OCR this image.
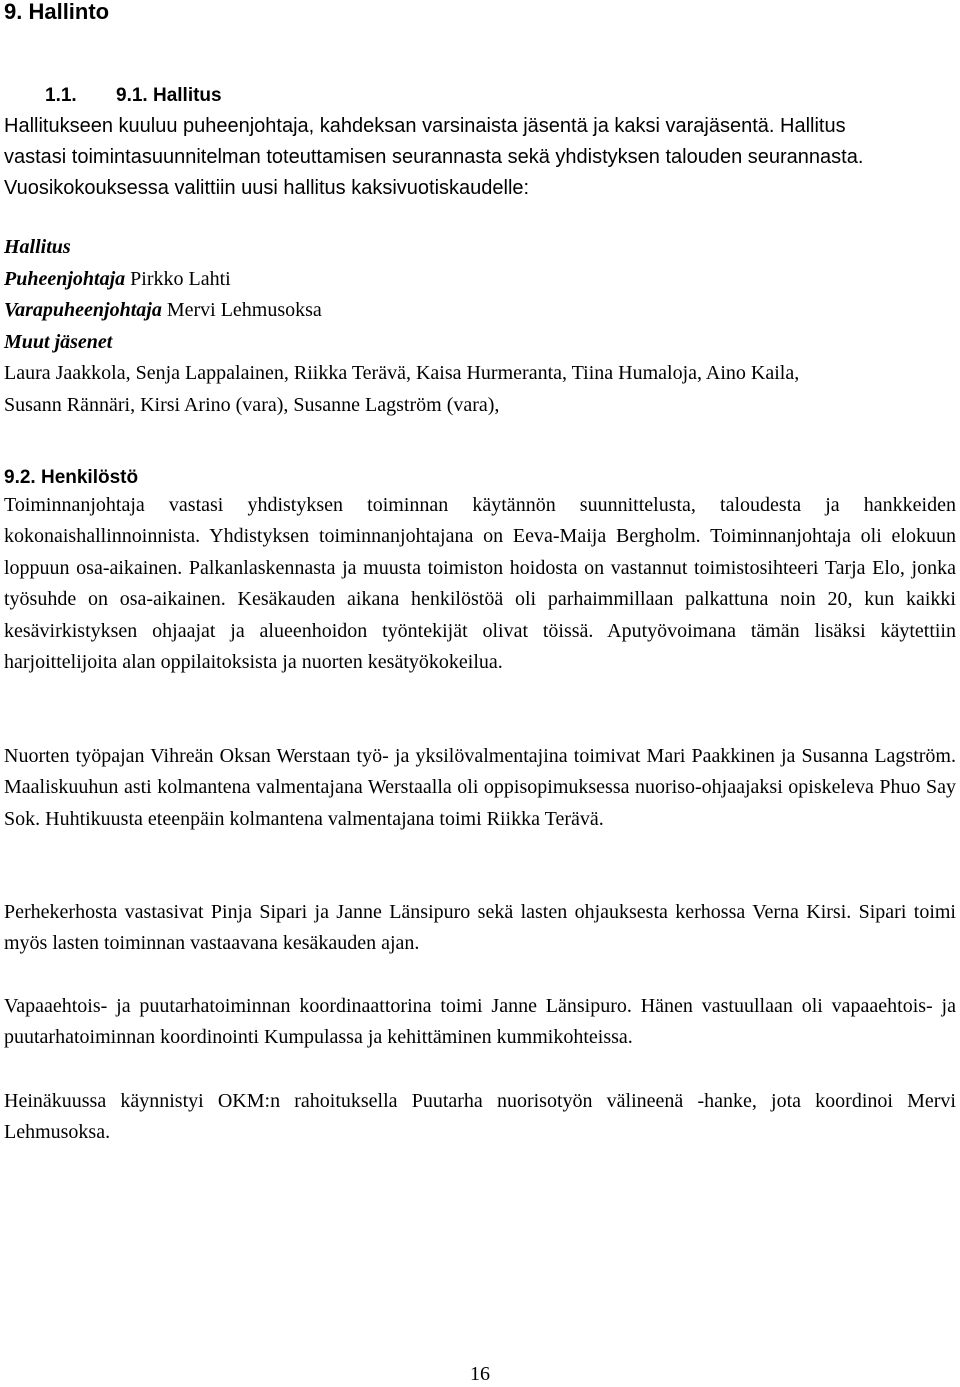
9. Hallinto
1.1. 9.1. Hallitus
Hallitukseen kuuluu puheenjohtaja, kahdeksan varsinaista jäsentä ja kaksi varajäsentä. Hallitus
vastasi toimintasuunnitelman toteuttamisen seurannasta sekä yhdistyksen talouden seurannasta.
Vuosikokouksessa valittiin uusi hallitus kaksivuotiskaudelle:
Hallitus
Puheenjohtaja Pirkko Lahti
Varapuheenjohtaja Mervi Lehmusoksa
Muut jäsenet
Laura Jaakkola, Senja Lappalainen, Riikka Terävä, Kaisa Hurmeranta, Tiina Humaloja, Aino Kaila,
Susann Rännäri, Kirsi Arino (vara), Susanne Lagström (vara),
9.2. Henkilöstö

Toiminnanjohtaja vastasi yhdistyksen toiminnan käytännön suunnittelusta, taloudesta ja hankkeiden kokonaishallinnoinnista. Yhdistyksen toiminnanjohtajana on Eeva-Maija Bergholm. Toiminnanjohtaja oli elokuun loppuun osa-aikainen. Palkanlaskennasta ja muusta toimiston hoidosta on vastannut toimistosihteeri Tarja Elo, jonka työsuhde on osa-aikainen. Kesäkauden aikana henkilöstöä oli parhaimmillaan palkattuna noin 20, kun kaikki kesävirkistyksen ohjaajat ja alueenhoidon työntekijät olivat töissä. Aputyövoimana tämän lisäksi käytettiin harjoittelijoita alan oppilaitoksista ja nuorten kesätyökokeilua.

Nuorten työpajan Vihreän Oksan Werstaan työ- ja yksilövalmentajina toimivat Mari Paakkinen ja Susanna Lagström. Maaliskuuhun asti kolmantena valmentajana Werstaalla oli oppisopimuksessa nuoriso-ohjaajaksi opiskeleva Phuo Say Sok. Huhtikuusta eteenpäin kolmantena valmentajana toimi Riikka Terävä.

Perhekerhosta vastasivat Pinja Sipari ja Janne Länsipuro sekä lasten ohjauksesta kerhossa Verna Kirsi. Sipari toimi myös lasten toiminnan vastaavana kesäkauden ajan.

Vapaaehtois- ja puutarhatoiminnan koordinaattorina toimi Janne Länsipuro. Hänen vastuullaan oli vapaaehtois- ja puutarhatoiminnan koordinointi Kumpulassa ja kehittäminen kummikohteissa.

Heinäkuussa käynnistyi OKM:n rahoituksella Puutarha nuorisotyön välineenä -hanke, jota koordinoi Mervi Lehmusoksa.

16
